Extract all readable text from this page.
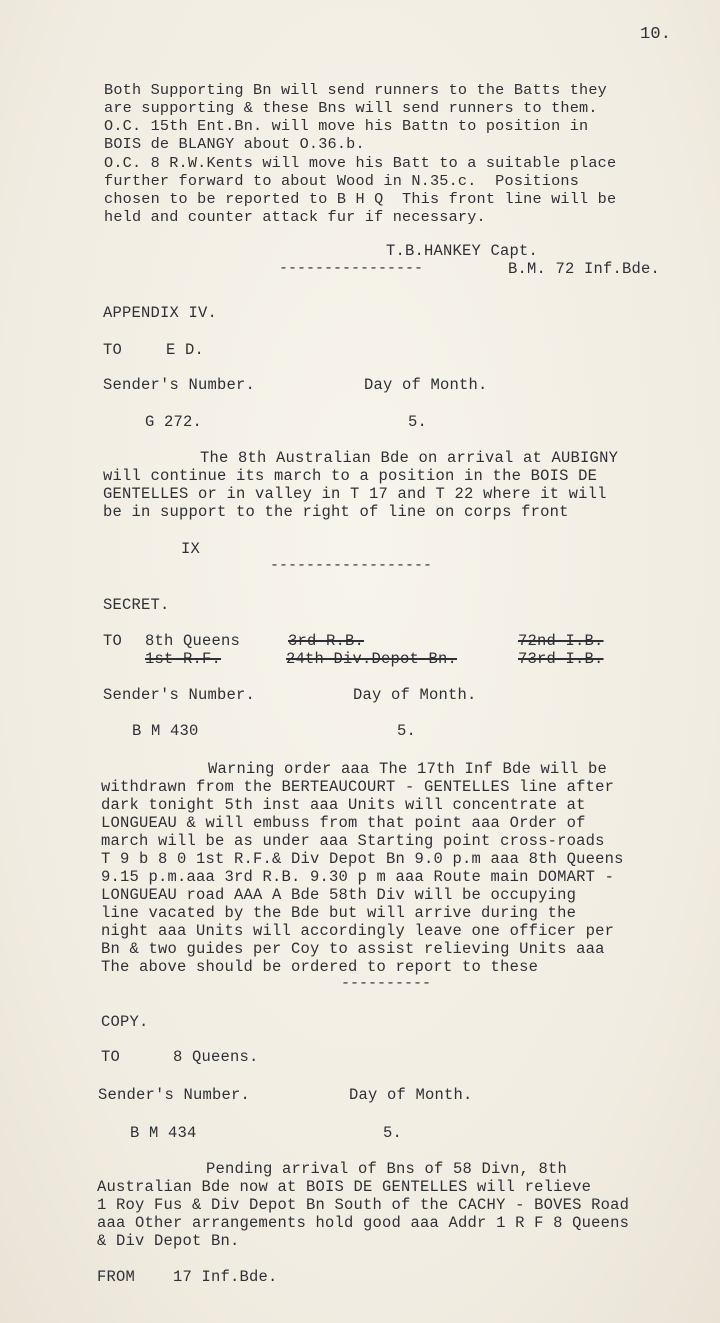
10.
Both Supporting Bn will send runners to the Batts they
are supporting & these Bns will send runners to them.
O.C. 15th Ent.Bn. will move his Battn to position in
BOIS de BLANGY about O.36.b.
O.C. 8 R.W.Kents will move his Batt to a suitable place
further forward to about Wood in N.35.c.  Positions
chosen to be reported to B H Q  This front line will be
held and counter attack fur if necessary.
T.B.HANKEY Capt.
----------------	B.M. 72 Inf.Bde.
APPENDIX IV.
TO	E D.
Sender's Number.	Day of Month.
G 272.	5.
The 8th Australian Bde on arrival at AUBIGNY
will continue its march to a position in the BOIS DE
GENTELLES or in valley in T 17 and T 22 where it will
be in support to the right of line on corps front
IX
------------------
SECRET.
TO 8th Queens	3rd-R.B.	72nd-I.B.
1st-R.F.	24th-Div.Depot-Bn.	73rd-I.B.
Sender's Number.	Day of Month.
B M 430	5.
Warning order aaa The 17th Inf Bde will be
withdrawn from the BERTEAUCOURT - GENTELLES line after
dark tonight 5th inst aaa Units will concentrate at
LONGUEAU & will embuss from that point aaa Order of
march will be as under aaa Starting point cross-roads
T 9 b 8 0 1st R.F.& Div Depot Bn 9.0 p.m aaa 8th Queens
9.15 p.m.aaa 3rd R.B. 9.30 p m aaa Route main DOMART -
LONGUEAU road AAA A Bde 58th Div will be occupying
line vacated by the Bde but will arrive during the
night aaa Units will accordingly leave one officer per
Bn & two guides per Coy to assist relieving Units aaa
The above should be ordered to report to these
----------
COPY.
TO	8 Queens.
Sender's Number.	Day of Month.
B M 434	5.
Pending arrival of Bns of 58 Divn, 8th
Australian Bde now at BOIS DE GENTELLES will relieve
1 Roy Fus & Div Depot Bn South of the CACHY - BOVES Road
aaa Other arrangements hold good aaa Addr 1 R F 8 Queens
& Div Depot Bn.
FROM 17 Inf.Bde.
